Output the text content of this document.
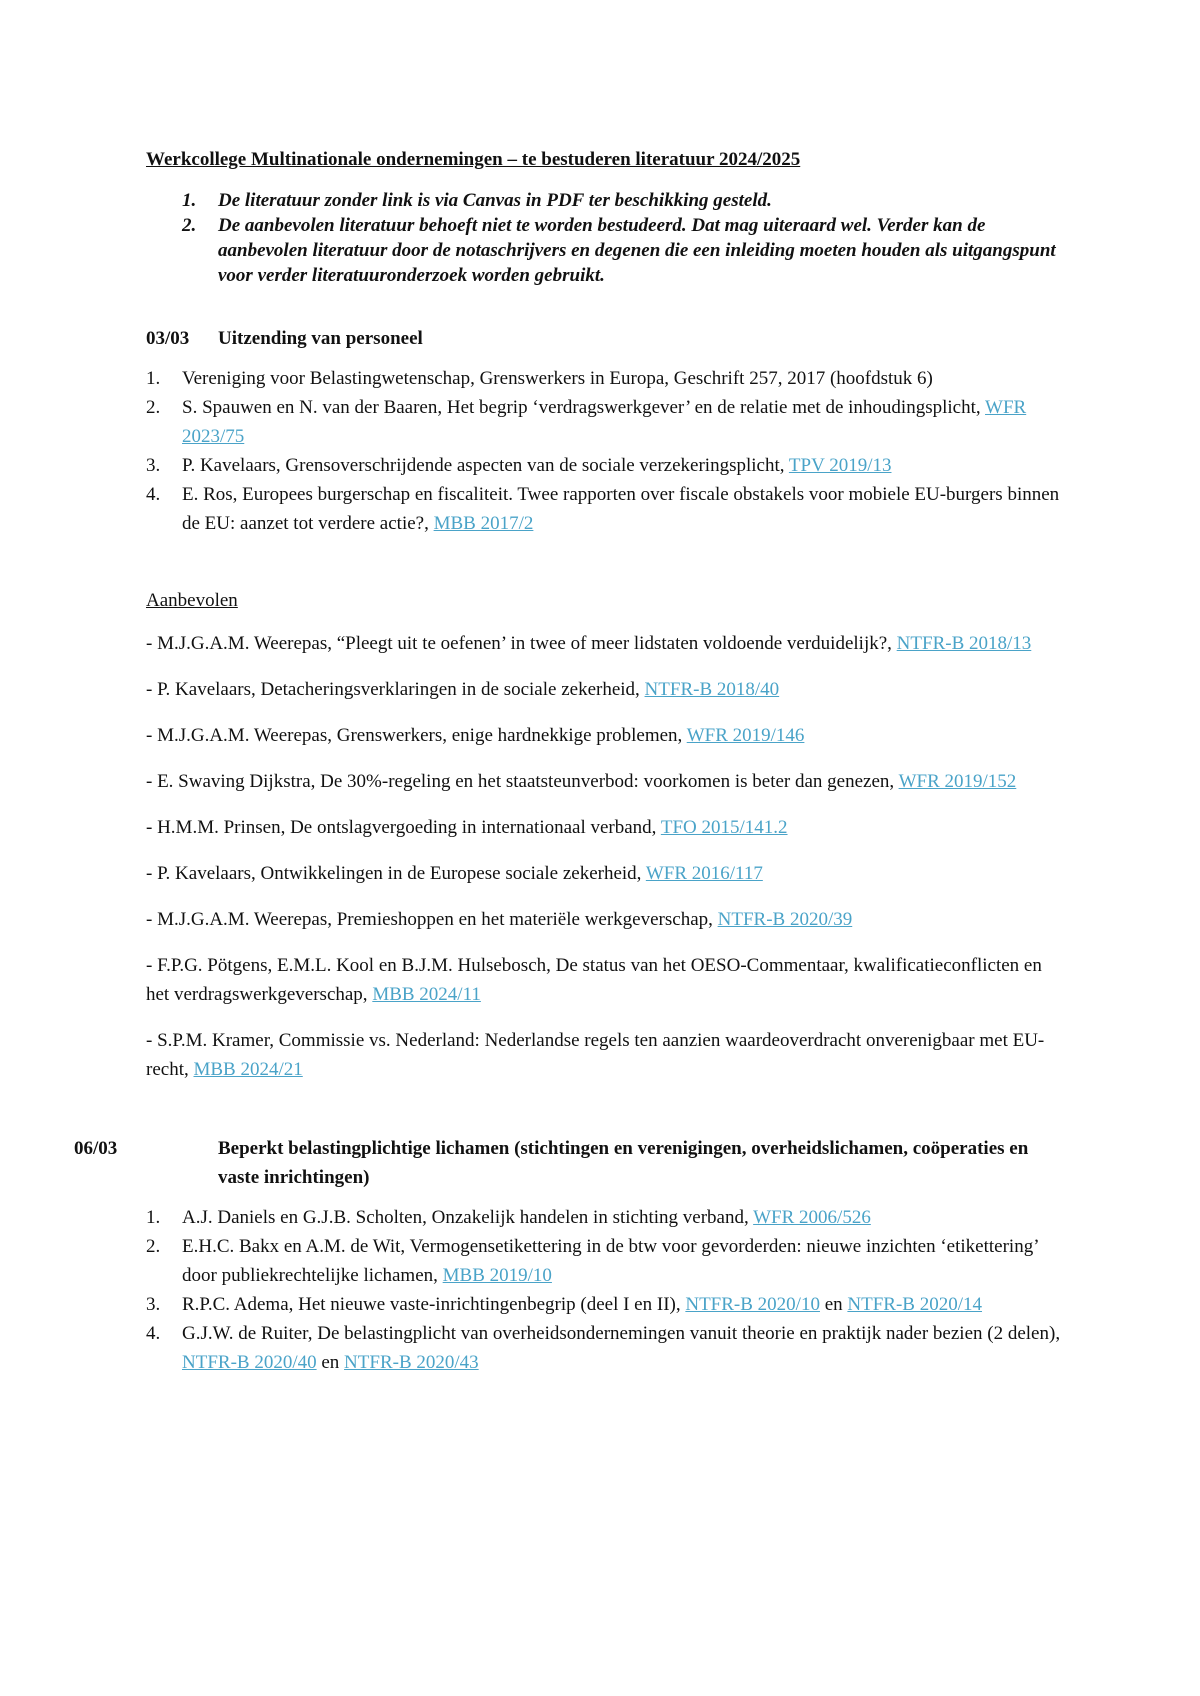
Werkcollege Multinationale ondernemingen – te bestuderen literatuur 2024/2025

1. De literatuur zonder link is via Canvas in PDF ter beschikking gesteld.
2. De aanbevolen literatuur behoeft niet te worden bestudeerd. Dat mag uiteraard wel. Verder kan de aanbevolen literatuur door de notaschrijvers en degenen die een inleiding moeten houden als uitgangspunt voor verder literatuuronderzoek worden gebruikt.

03/03 Uitzending van personeel

1. Vereniging voor Belastingwetenschap, Grenswerkers in Europa, Geschrift 257, 2017 (hoofdstuk 6)
2. S. Spauwen en N. van der Baaren, Het begrip ‘verdragswerkgever’ en de relatie met de inhoudingsplicht, WFR 2023/75
3. P. Kavelaars, Grensoverschrijdende aspecten van de sociale verzekeringsplicht, TPV 2019/13
4. E. Ros, Europees burgerschap en fiscaliteit. Twee rapporten over fiscale obstakels voor mobiele EU-burgers binnen de EU: aanzet tot verdere actie?, MBB 2017/2

Aanbevolen

- M.J.G.A.M. Weerepas, “Pleegt uit te oefenen’ in twee of meer lidstaten voldoende verduidelijk?, NTFR-B 2018/13

- P. Kavelaars, Detacheringsverklaringen in de sociale zekerheid, NTFR-B 2018/40

- M.J.G.A.M. Weerepas, Grenswerkers, enige hardnekkige problemen, WFR 2019/146

- E. Swaving Dijkstra, De 30%-regeling en het staatsteunverbod: voorkomen is beter dan genezen, WFR 2019/152

- H.M.M. Prinsen, De ontslagvergoeding in internationaal verband, TFO 2015/141.2

- P. Kavelaars, Ontwikkelingen in de Europese sociale zekerheid, WFR 2016/117

- M.J.G.A.M. Weerepas, Premieshoppen en het materiële werkgeverschap, NTFR-B 2020/39

- F.P.G. Pötgens, E.M.L. Kool en B.J.M. Hulsebosch, De status van het OESO-Commentaar, kwalificatieconflicten en het verdragswerkgeverschap, MBB 2024/11

- S.P.M. Kramer, Commissie vs. Nederland: Nederlandse regels ten aanzien waardeoverdracht onverenigbaar met EU-recht, MBB 2024/21

06/03	Beperkt belastingplichtige lichamen (stichtingen en verenigingen, overheidslichamen, coöperaties en vaste inrichtingen)

1. A.J. Daniels en G.J.B. Scholten, Onzakelijk handelen in stichting verband, WFR 2006/526
2. E.H.C. Bakx en A.M. de Wit, Vermogensetikettering in de btw voor gevorderden: nieuwe inzichten ‘etikettering’ door publiekrechtelijke lichamen, MBB 2019/10
3. R.P.C. Adema, Het nieuwe vaste-inrichtingenbegrip (deel I en II), NTFR-B 2020/10 en NTFR-B 2020/14
4. G.J.W. de Ruiter, De belastingplicht van overheidsondernemingen vanuit theorie en praktijk nader bezien (2 delen), NTFR-B 2020/40 en NTFR-B 2020/43
